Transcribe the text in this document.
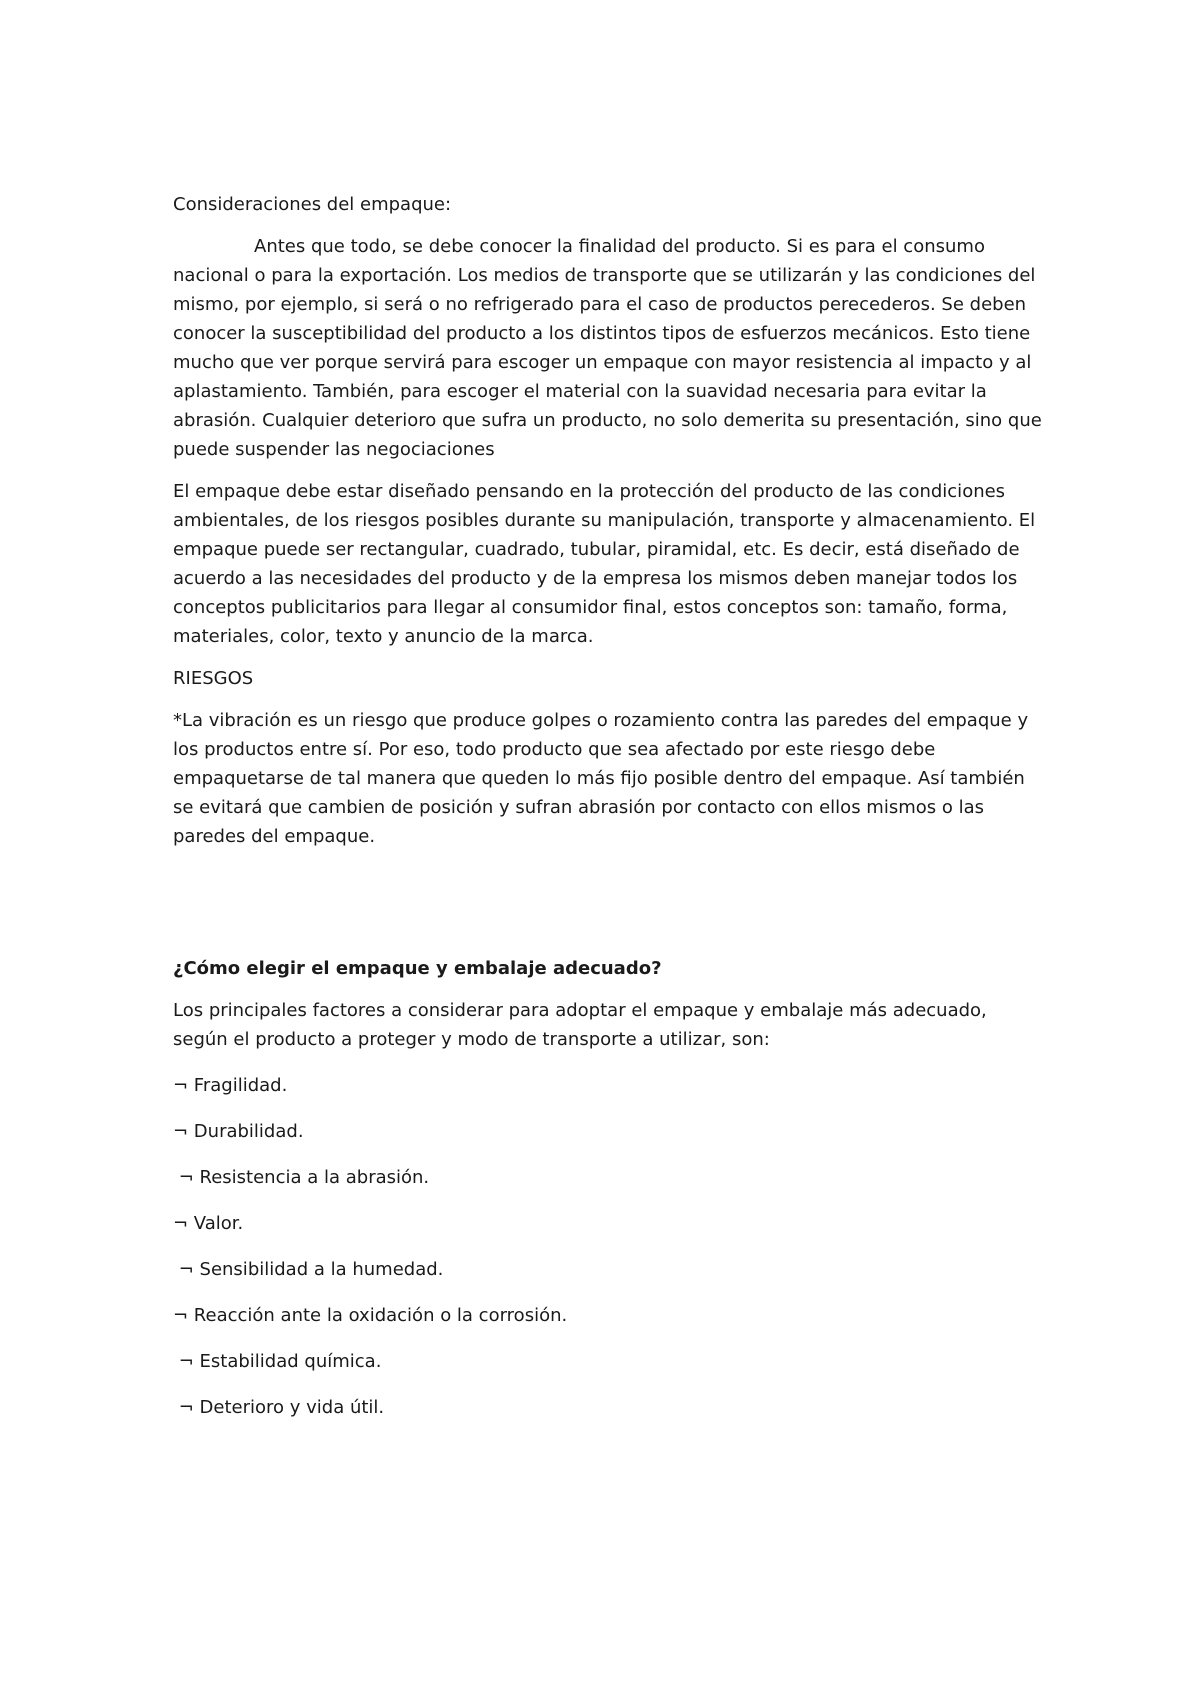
Consideraciones del empaque:

Antes que todo, se debe conocer la finalidad del producto. Si es para el consumo nacional o para la exportación. Los medios de transporte que se utilizarán y las condiciones del mismo, por ejemplo, si será o no refrigerado para el caso de productos perecederos. Se deben conocer la susceptibilidad del producto a los distintos tipos de esfuerzos mecánicos. Esto tiene mucho que ver porque servirá para escoger un empaque con mayor resistencia al impacto y al aplastamiento. También, para escoger el material con la suavidad necesaria para evitar la abrasión. Cualquier deterioro que sufra un producto, no solo demerita su presentación, sino que puede suspender las negociaciones

El empaque debe estar diseñado pensando en la protección del producto de las condiciones ambientales, de los riesgos posibles durante su manipulación, transporte y almacenamiento. El empaque puede ser rectangular, cuadrado, tubular, piramidal, etc. Es decir, está diseñado de acuerdo a las necesidades del producto y de la empresa los mismos deben manejar todos los conceptos publicitarios para llegar al consumidor final, estos conceptos son: tamaño, forma, materiales, color, texto y anuncio de la marca.

RIESGOS

*La vibración es un riesgo que produce golpes o rozamiento contra las paredes del empaque y los productos entre sí. Por eso, todo producto que sea afectado por este riesgo debe empaquetarse de tal manera que queden lo más fijo posible dentro del empaque. Así también se evitará que cambien de posición y sufran abrasión por contacto con ellos mismos o las paredes del empaque.

¿Cómo elegir el empaque y embalaje adecuado?

Los principales factores a considerar para adoptar el empaque y embalaje más adecuado, según el producto a proteger y modo de transporte a utilizar, son:

¬ Fragilidad.
¬ Durabilidad.
¬ Resistencia a la abrasión.
¬ Valor.
¬ Sensibilidad a la humedad.
¬ Reacción ante la oxidación o la corrosión.
¬ Estabilidad química.
¬ Deterioro y vida útil.
